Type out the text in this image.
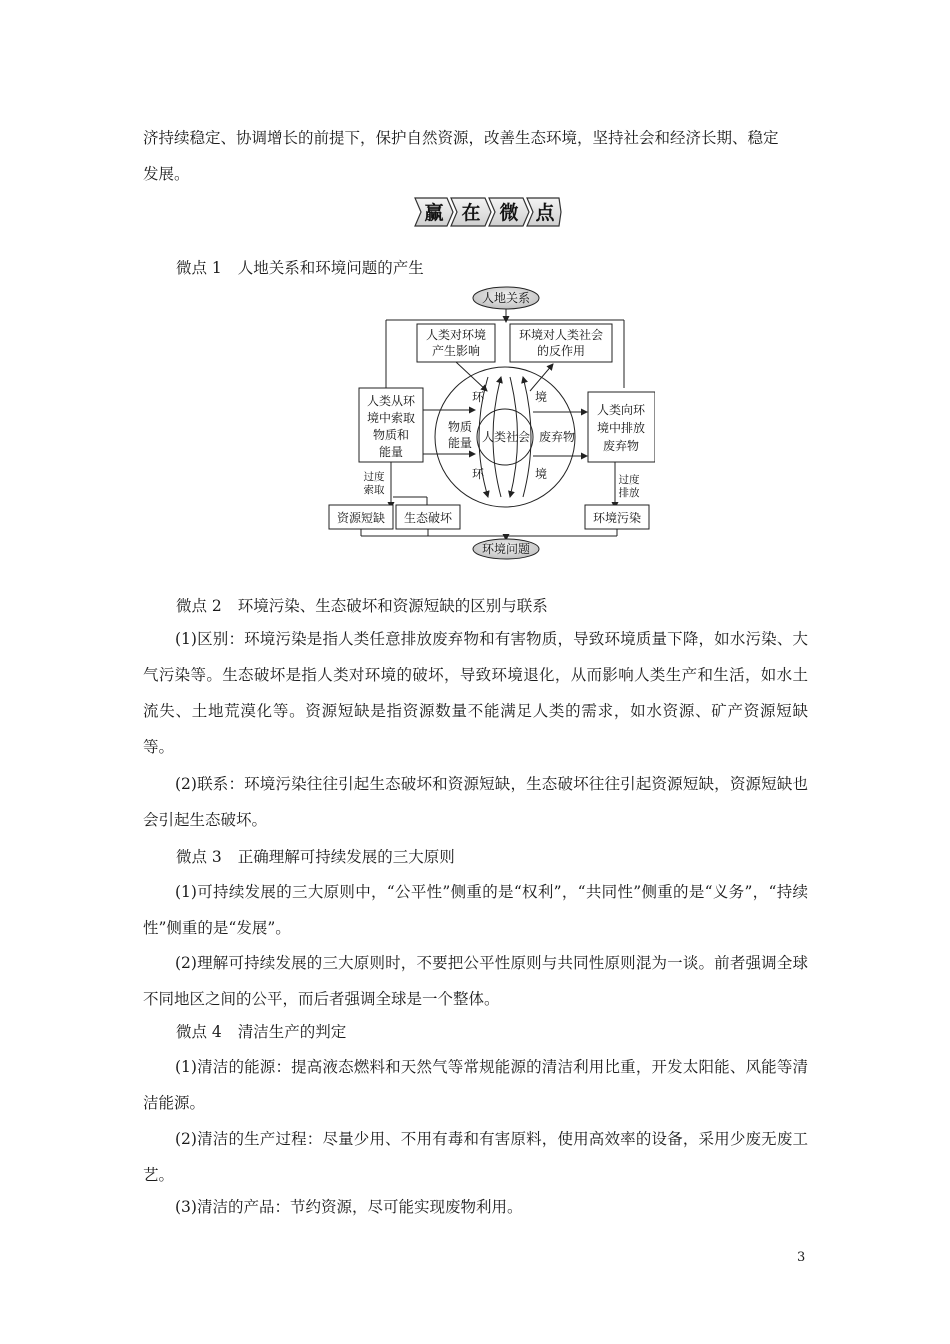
济持续稳定、协调增长的前提下，保护自然资源，改善生态环境，坚持社会和经济长期、稳定

发展。

赢 在 微 点

微点 1 人地关系和环境问题的产生

人地关系
人类对环境
产生影响
环境对人类社会
的反作用
人类从环
境中索取
物质和
能量
人类向环
境中排放
废弃物
环	境
环	境
物质
能量 人类社会 废弃物
过度
索取
过度
排放
资源短缺 生态破坏	环境污染
环境问题

微点 2 环境污染、生态破坏和资源短缺的区别与联系

(1)区别：环境污染是指人类任意排放废弃物和有害物质，导致环境质量下降，如水污染、大气污染等。生态破坏是指人类对环境的破坏，导致环境退化，从而影响人类生产和生活，如水土流失、土地荒漠化等。资源短缺是指资源数量不能满足人类的需求，如水资源、矿产资源短缺等。

(2)联系：环境污染往往引起生态破坏和资源短缺，生态破坏往往引起资源短缺，资源短缺也会引起生态破坏。

微点 3 正确理解可持续发展的三大原则

(1)可持续发展的三大原则中，“公平性”侧重的是“权利”，“共同性”侧重的是“义务”，“持续性”侧重的是“发展”。

(2)理解可持续发展的三大原则时，不要把公平性原则与共同性原则混为一谈。前者强调全球不同地区之间的公平，而后者强调全球是一个整体。

微点 4 清洁生产的判定

(1)清洁的能源：提高液态燃料和天然气等常规能源的清洁利用比重，开发太阳能、风能等清洁能源。

(2)清洁的生产过程：尽量少用、不用有毒和有害原料，使用高效率的设备，采用少废无废工艺。

(3)清洁的产品：节约资源，尽可能实现废物利用。

3
